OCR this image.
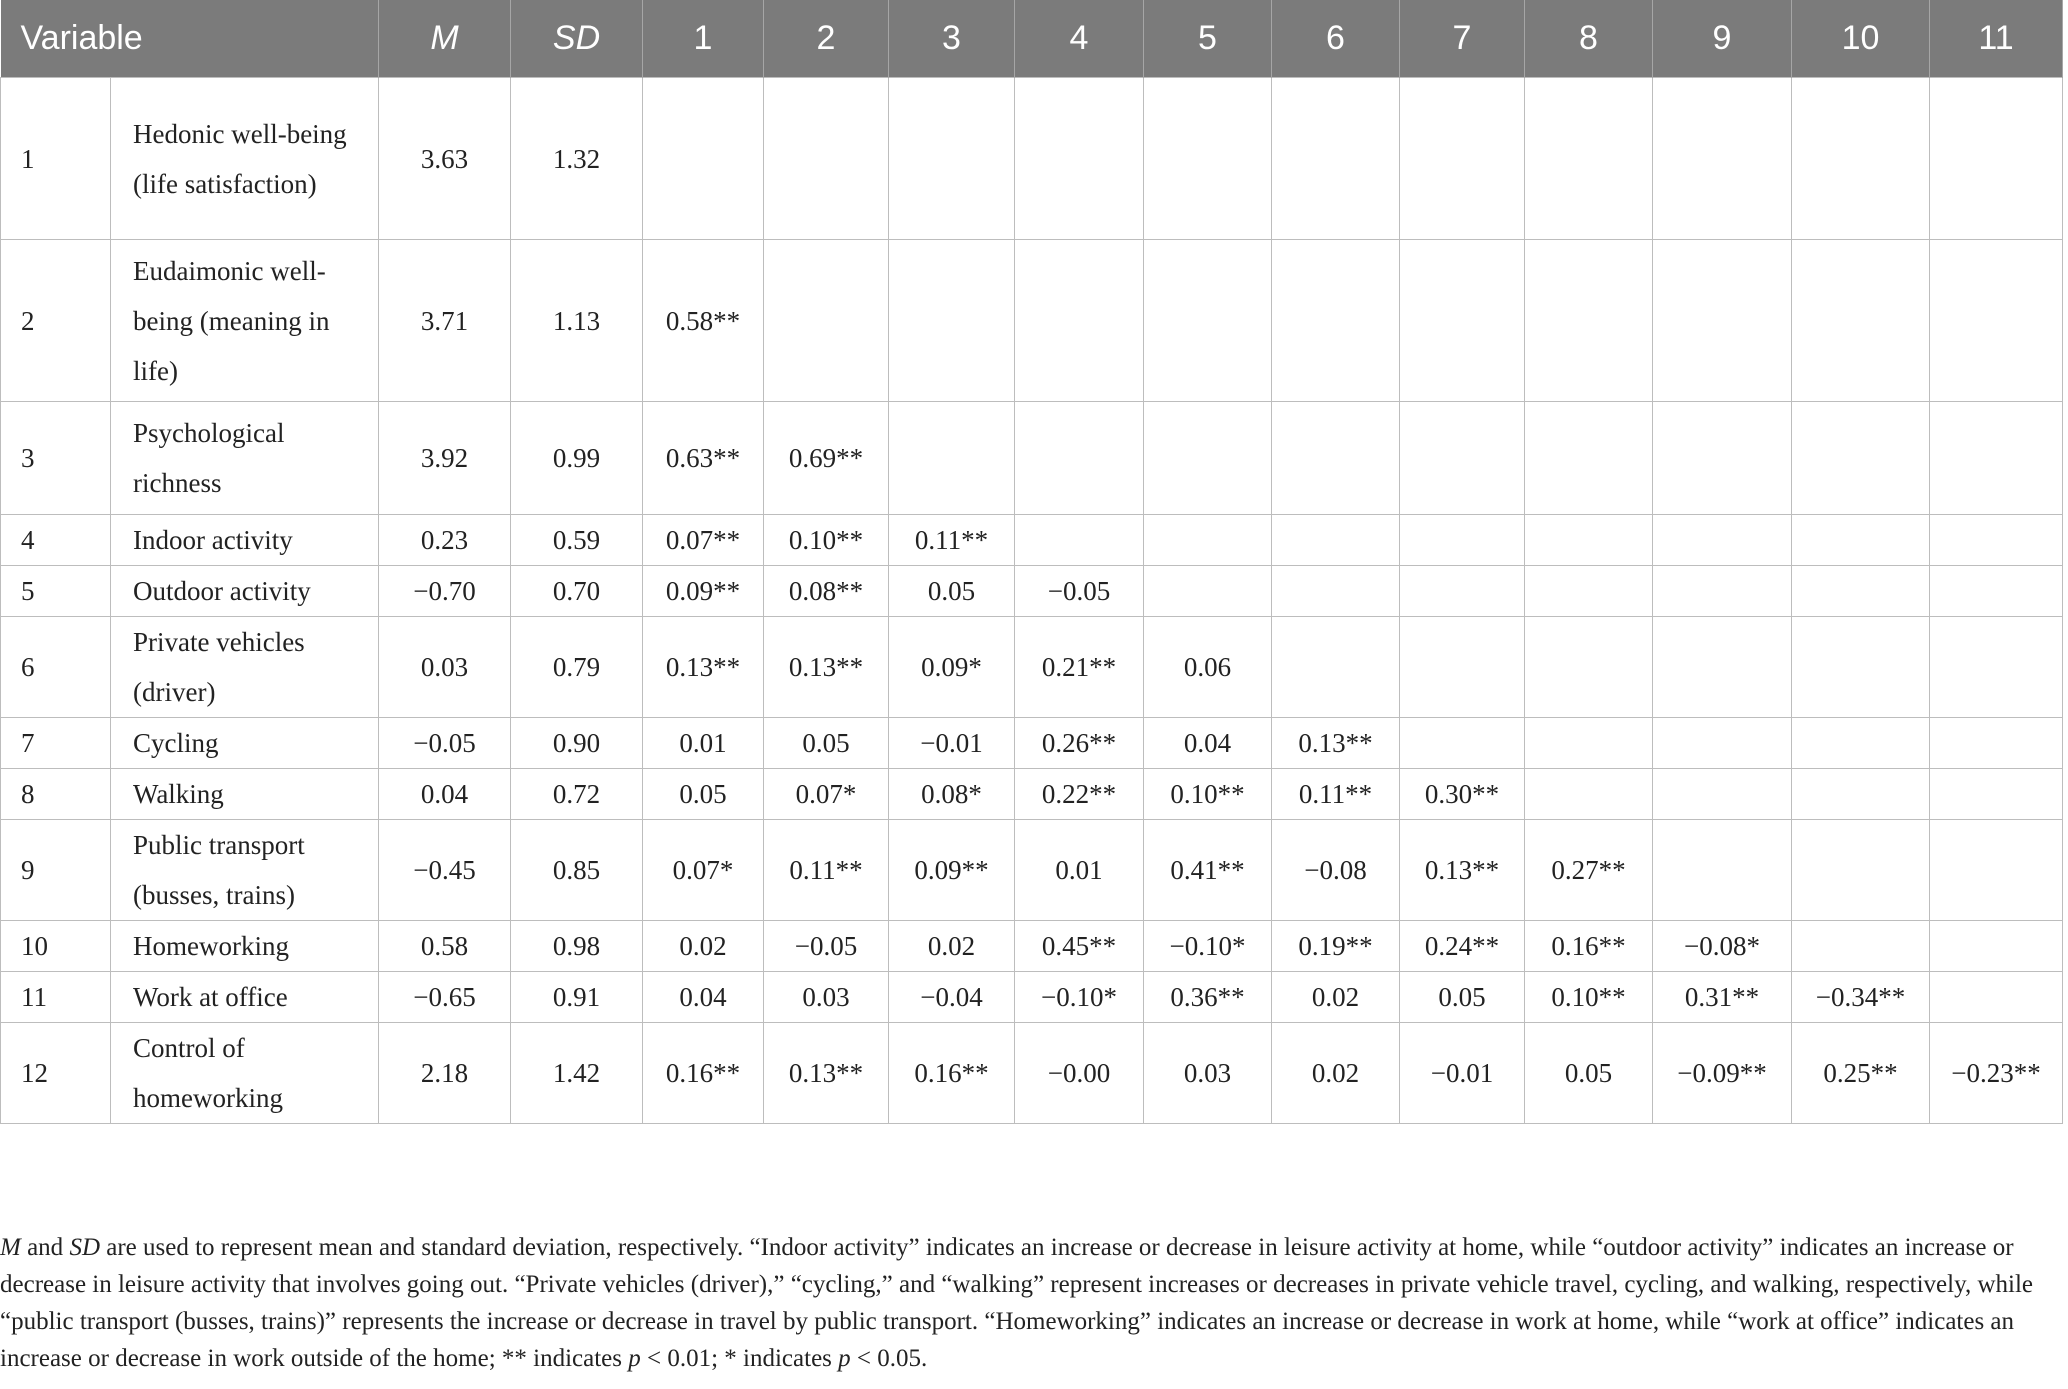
Variable		M	SD	1	2	3	4	5	6	7	8	9	10	11
1	Hedonic well-being (life satisfaction)	3.63	1.32											
2	Eudaimonic well-being (meaning in life)	3.71	1.13	0.58**										
3	Psychological richness	3.92	0.99	0.63**	0.69**									
4	Indoor activity	0.23	0.59	0.07**	0.10**	0.11**								
5	Outdoor activity	−0.70	0.70	0.09**	0.08**	0.05	−0.05							
6	Private vehicles (driver)	0.03	0.79	0.13**	0.13**	0.09*	0.21**	0.06						
7	Cycling	−0.05	0.90	0.01	0.05	−0.01	0.26**	0.04	0.13**					
8	Walking	0.04	0.72	0.05	0.07*	0.08*	0.22**	0.10**	0.11**	0.30**				
9	Public transport (busses, trains)	−0.45	0.85	0.07*	0.11**	0.09**	0.01	0.41**	−0.08	0.13**	0.27**			
10	Homeworking	0.58	0.98	0.02	−0.05	0.02	0.45**	−0.10*	0.19**	0.24**	0.16**	−0.08*		
11	Work at office	−0.65	0.91	0.04	0.03	−0.04	−0.10*	0.36**	0.02	0.05	0.10**	0.31**	−0.34**	
12	Control of homeworking	2.18	1.42	0.16**	0.13**	0.16**	−0.00	0.03	0.02	−0.01	0.05	−0.09**	0.25**	−0.23**

M and SD are used to represent mean and standard deviation, respectively. “Indoor activity” indicates an increase or decrease in leisure activity at home, while “outdoor activity” indicates an increase or decrease in leisure activity that involves going out. “Private vehicles (driver),” “cycling,” and “walking” represent increases or decreases in private vehicle travel, cycling, and walking, respectively, while “public transport (busses, trains)” represents the increase or decrease in travel by public transport. “Homeworking” indicates an increase or decrease in work at home, while “work at office” indicates an increase or decrease in work outside of the home; ** indicates p < 0.01; * indicates p < 0.05.
